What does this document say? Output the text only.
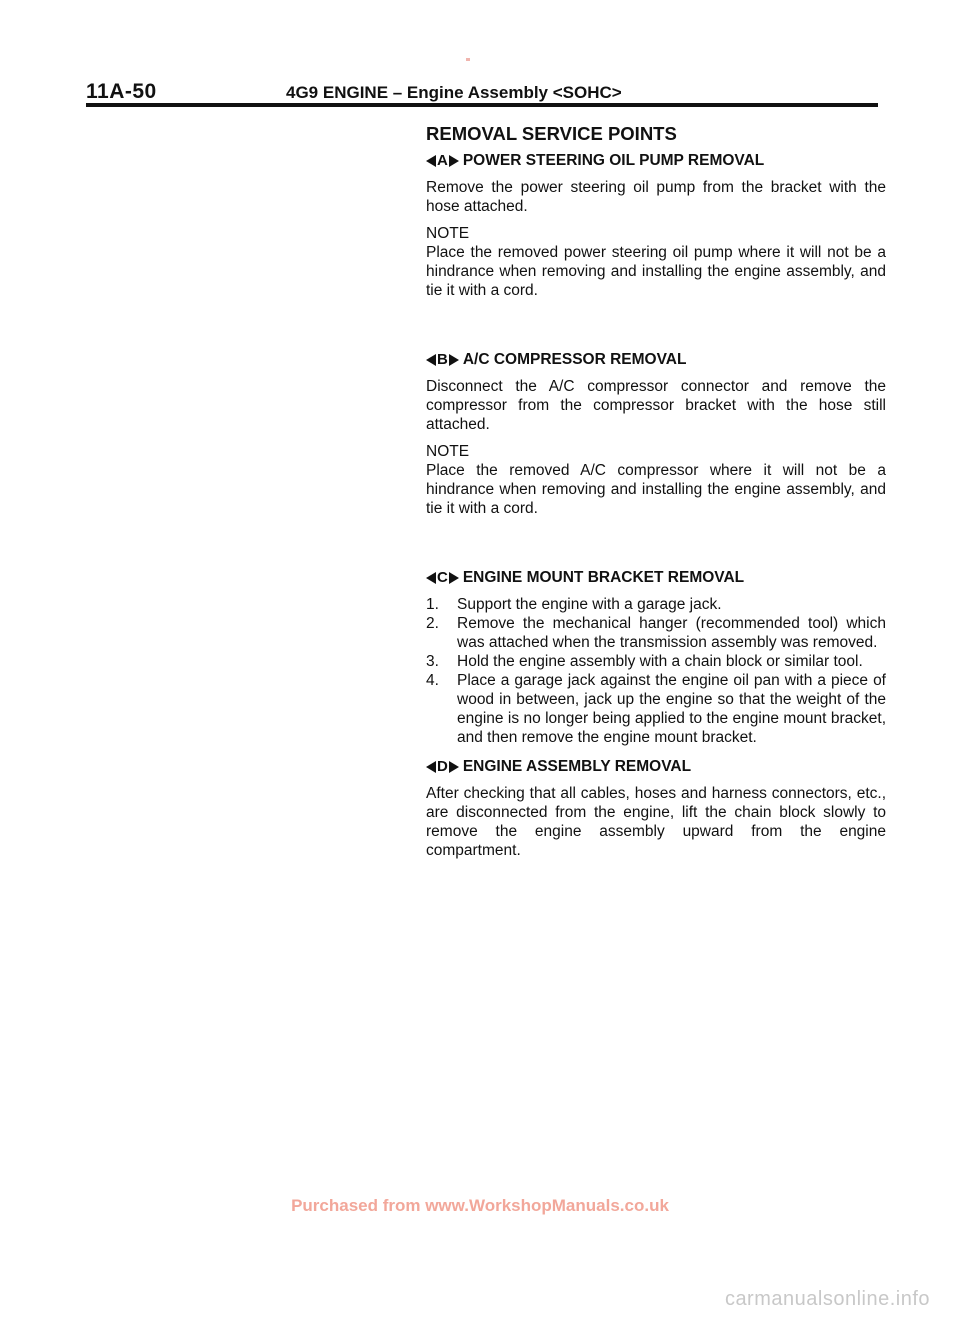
11A-50	4G9 ENGINE – Engine Assembly <SOHC>
REMOVAL SERVICE POINTS
A POWER STEERING OIL PUMP REMOVAL

Remove the power steering oil pump from the bracket with the hose attached.

NOTE

Place the removed power steering oil pump where it will not be a hindrance when removing and installing the engine assembly, and tie it with a cord.

B A/C COMPRESSOR REMOVAL

Disconnect the A/C compressor connector and remove the compressor from the compressor bracket with the hose still attached.

NOTE

Place the removed A/C compressor where it will not be a hindrance when removing and installing the engine assembly, and tie it with a cord.

C ENGINE MOUNT BRACKET REMOVAL
1.	Support the engine with a garage jack.
2.	Remove the mechanical hanger (recommended tool) which was attached when the transmission assembly was removed.
3.	Hold the engine assembly with a chain block or similar tool.
4.	Place a garage jack against the engine oil pan with a piece of wood in between, jack up the engine so that the weight of the engine is no longer being applied to the engine mount bracket, and then remove the engine mount bracket.
D ENGINE ASSEMBLY REMOVAL

After checking that all cables, hoses and harness connectors, etc., are disconnected from the engine, lift the chain block slowly to remove the engine assembly upward from the engine compartment.

Purchased from www.WorkshopManuals.co.uk
carmanualsonline.info
